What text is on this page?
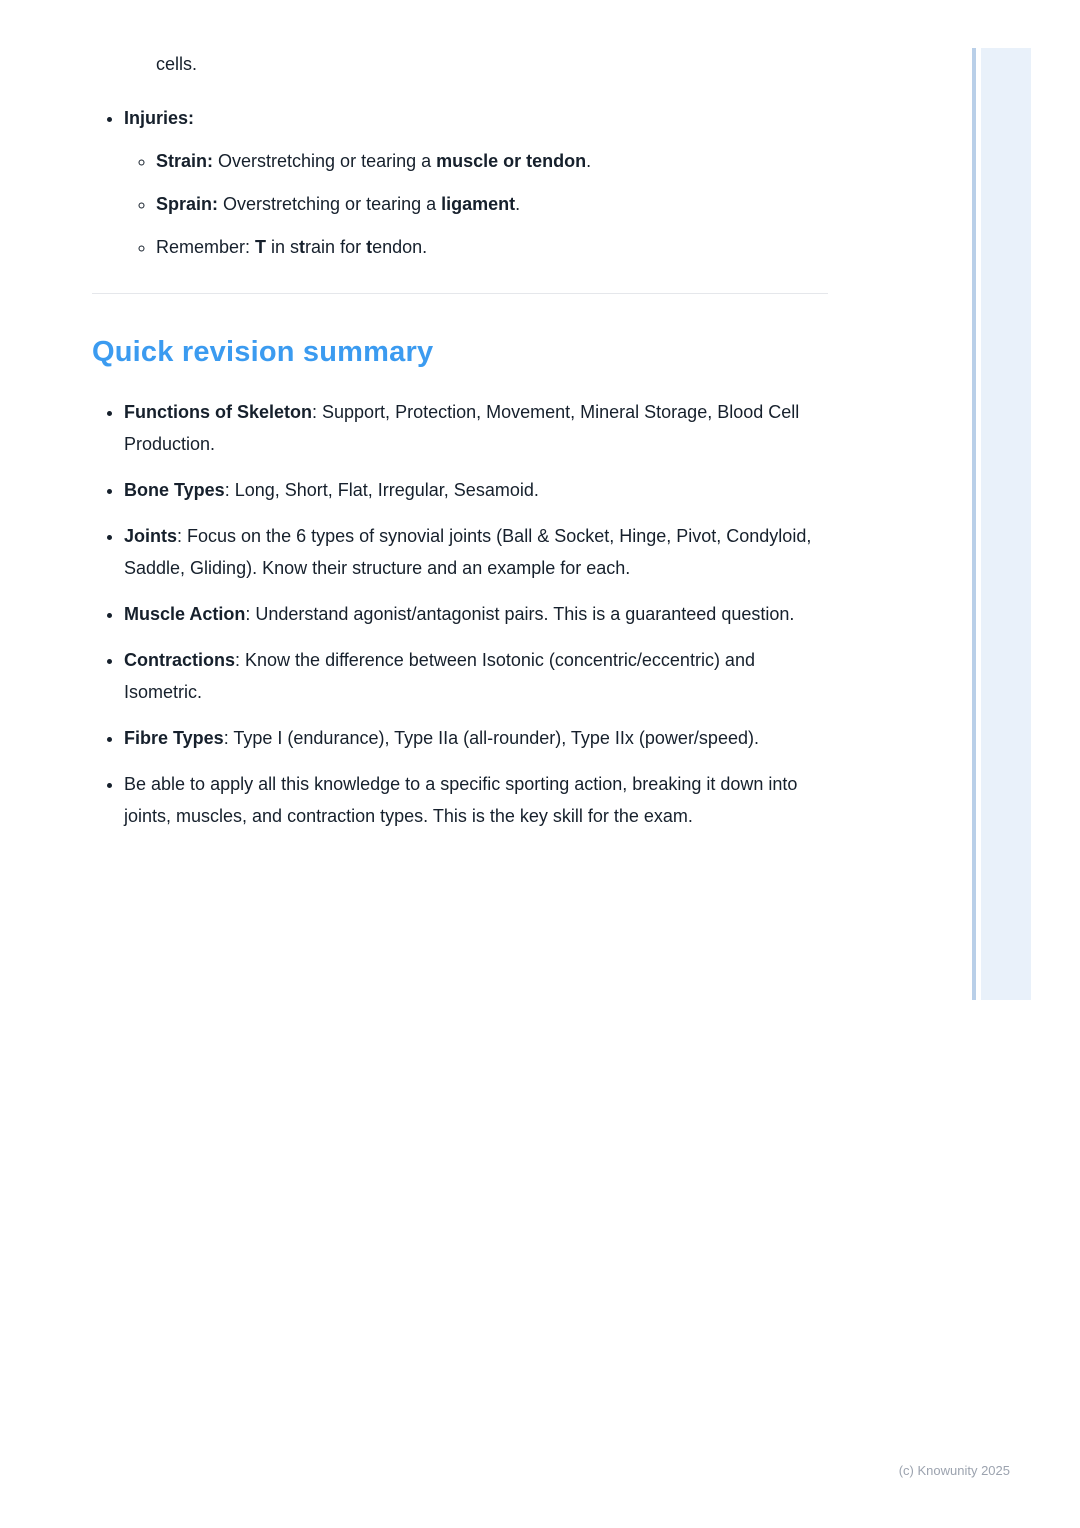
cells.

• Injuries:
◦ Strain: Overstretching or tearing a muscle or tendon.
◦ Sprain: Overstretching or tearing a ligament.
◦ Remember: T in strain for tendon.
Quick revision summary
• Functions of Skeleton: Support, Protection, Movement, Mineral Storage, Blood Cell Production.
• Bone Types: Long, Short, Flat, Irregular, Sesamoid.
• Joints: Focus on the 6 types of synovial joints (Ball & Socket, Hinge, Pivot, Condyloid, Saddle, Gliding). Know their structure and an example for each.
• Muscle Action: Understand agonist/antagonist pairs. This is a guaranteed question.
• Contractions: Know the difference between Isotonic (concentric/eccentric) and Isometric.
• Fibre Types: Type I (endurance), Type IIa (all-rounder), Type IIx (power/speed).
• Be able to apply all this knowledge to a specific sporting action, breaking it down into joints, muscles, and contraction types. This is the key skill for the exam.
(c) Knowunity 2025
